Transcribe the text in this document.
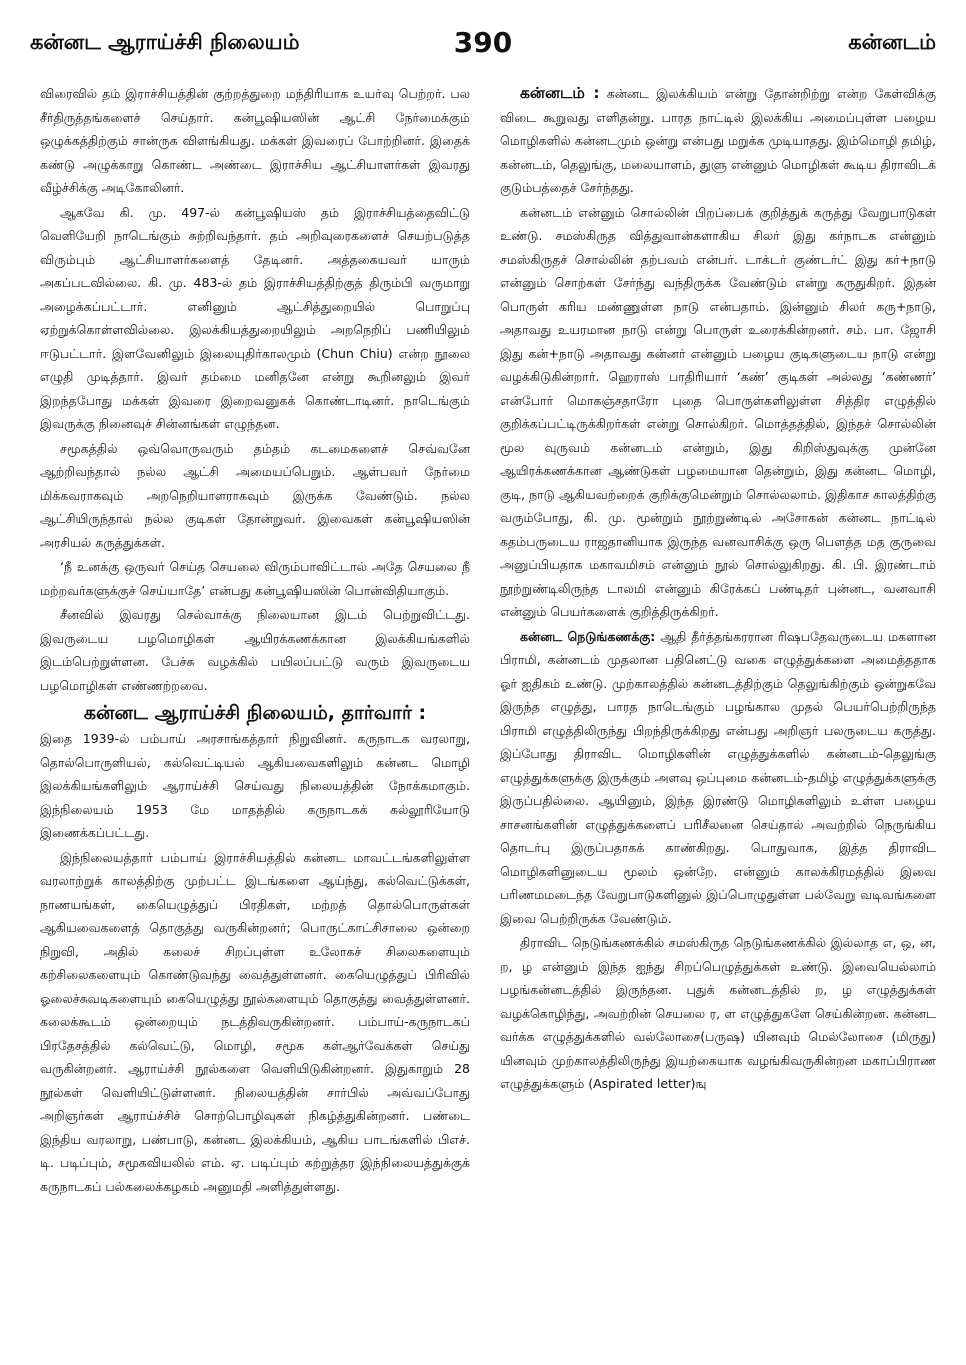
கன்னட ஆராய்ச்சி நிலையம்	390	கன்னடம்

விரைவில் தம் இராச்சியத்தின் குற்றத்துறை மந்திரியாக உயர்வு பெற்றர். பல சீர்திருத்தங்களைச் செய்தார். கன்பூஷியஸின் ஆட்சி நேர்மைக்கும் ஒழுக்கத்திற்கும் சான்ருக விளங்கியது. மக்கள் இவரைப் போற்றினர். இதைக் கண்டு அழுக்காறு கொண்ட அண்டை இராச்சிய ஆட்சியாளர்கள் இவரது வீழ்ச்சிக்கு அடிகோலினர்.

ஆகவே கி. மு. 497-ல் கன்பூஷியஸ் தம் இராச்சியத்தைவிட்டு வெளியேறி நாடெங்கும் சுற்றிவந்தார். தம் அறிவுரைகளைச் செயற்படுத்த விரும்பும் ஆட்சியாளர்களைத் தேடினர். அத்தகையவர் யாரும் அகப்படவில்லை. கி. மு. 483-ல் தம் இராச்சியத்திற்குத் திரும்பி வருமாறு அழைக்கப்பட்டார். எனினும் ஆட்சித்துறையில் பொறுப்பு ஏற்றுக்கொள்ளவில்லை. இலக்கியத்துறையிலும் அறநெறிப் பணியிலும் ஈடுபட்டார். இளவேனிலும் இலையுதிர்காலமும் (Chun Chiu) என்ற நூலை எழுதி முடித்தார். இவர் தம்மை மனிதனே என்று கூறினலும் இவர் இறந்தபோது மக்கள் இவரை இறைவனுகக் கொண்டாடினர். நாடெங்கும் இவருக்கு நினைவுச் சின்னங்கள் எழுந்தன.

சமூகத்தில் ஒவ்வொருவரும் தம்தம் கடமைகளைச் செவ்வனே ஆற்றிவந்தால் நல்ல ஆட்சி அமையப்பெறும். ஆள்பவர் நேர்மை மிக்கவராகவும் அறநெறியாளராகவும் இருக்க வேண்டும். நல்ல ஆட்சியிருந்தால் நல்ல குடிகள் தோன்றுவர். இவைகள் கன்பூஷியஸின் அரசியல் கருத்துக்கள்.

‘நீ உனக்கு ஒருவர் செய்த செயலை விரும்பாவிட்டால் அதே செயலை நீ மற்றவர்களுக்குச் செய்யாதே’ என்பது கன்பூஷியஸின் பொன்விதியாகும்.

சீனவில் இவரது செல்வாக்கு நிலையான இடம் பெற்றுவிட்டது. இவருடைய பழமொழிகள் ஆயிரக்கணக்கான இலக்கியங்களில் இடம்பெற்றுள்ளன. பேச்சு வழக்கில் பயிலப்பட்டு வரும் இவருடைய பழமொழிகள் எண்ணற்றவை.

கன்னட ஆராய்ச்சி நிலையம், தார்வார் :

இதை 1939-ல் பம்பாய் அரசாங்கத்தார் நிறுவினர். கருநாடக வரலாறு, தொல்பொருளியல், கல்வெட்டியல் ஆகியவைகளிலும் கன்னட மொழி இலக்கியங்களிலும் ஆராய்ச்சி செய்வது நிலையத்தின் நோக்கமாகும். இந்நிலையம் 1953 மே மாதத்தில் கருநாடகக் கல்லூரியோடு இணைக்கப்பட்டது.

இந்நிலையத்தார் பம்பாய் இராச்சியத்தில் கன்னட மாவட்டங்களிலுள்ள வரலாற்றுக் காலத்திற்கு முற்பட்ட இடங்களை ஆய்ந்து, கல்வெட்டுக்கள், நாணயங்கள், கையெழுத்துப் பிரதிகள், மற்றத் தொல்பொருள்கள் ஆகியவைகளைத் தொகுத்து வருகின்றனர்; பொருட்காட்சிசாலை ஒன்றை நிறுவி, அதில் கலைச் சிறப்புள்ள உலோகச் சிலைகளையும் கற்சிலைகளையும் கொண்டுவந்து வைத்துள்ளனர். கையெழுத்துப் பிரிவில் ஓலைச்சுவடிகளையும் கையெழுத்து நூல்களையும் தொகுத்து வைத்துள்ளனர். கலைக்கூடம் ஒன்றையும் நடத்திவருகின்றனர். பம்பாய்-கருநாடகப் பிரதேசத்தில் கல்வெட்டு, மொழி, சமூக கள்ஆர்வேக்கள் செய்து வருகின்றனர். ஆராய்ச்சி நூல்களை வெளியிடுகின்றனர். இதுகாறும் 28 நூல்கள் வெளியிட்டுள்ளனர். நிலையத்தின் சார்பில் அவ்வப்போது அறிஞர்கள் ஆராய்ச்சிச் சொற்பொழிவுகள் நிகழ்த்துகின்றனர். பண்டை இந்திய வரலாறு, பண்பாடு, கன்னட இலக்கியம், ஆகிய பாடங்களில் பிஎச். டி. படிப்பும், சமூகவியலில் எம். ஏ. படிப்பும் கற்றுத்தர இந்நிலையத்துக்குக் கருநாடகப் பல்கலைக்கழகம் அனுமதி அளித்துள்ளது.

கன்னடம் : கன்னட இலக்கியம் என்று தோன்றிற்று என்ற கேள்விக்கு விடை கூறுவது எளிதன்று. பாரத நாட்டில் இலக்கிய அமைப்புள்ள பழைய மொழிகளில் கன்னடமும் ஒன்று என்பது மறுக்க முடியாதது. இம்மொழி தமிழ், கன்னடம், தெலுங்கு, மலையாளம், துளு என்னும் மொழிகள் கூடிய திராவிடக் குடும்பத்தைச் சேர்ந்தது.

கன்னடம் என்னும் சொல்லின் பிறப்பைக் குறித்துக் கருத்து வேறுபாடுகள் உண்டு. சமஸ்கிருத வித்துவான்களாகிய சிலர் இது கர்நாடக என்னும் சமஸ்கிருதச் சொல்லின் தற்பவம் என்பர். டாக்டர் குண்டர்ட் இது கர்+நாடு என்னும் சொற்கள் சேர்ந்து வந்திருக்க வேண்டும் என்று கருதுகிறர். இதன் பொருள் கரிய மண்ணுள்ள நாடு என்பதாம். இன்னும் சிலர் கரு+நாடு, அதாவது உயரமான நாடு என்று பொருள் உரைக்கின்றனர். சம். பா. ஜோசி இது கன்+நாடு அதாவது கன்னர் என்னும் பழைய குடிகளுடைய நாடு என்று வழக்கிடுகின்றார். ஹெராஸ் பாதிரியார் ‘கண்’ குடிகள் அல்லது ‘கண்ணர்’ என்போர் மொகஞ்சதாரோ புதை பொருள்களிலுள்ள சித்திர எழுத்தில் குறிக்கப்பட்டிருக்கிறர்கள் என்று சொல்கிறர். மொத்தத்தில், இந்தச் சொல்லின் மூல வுருவம் கன்னடம் என்றும், இது கிறிஸ்துவுக்கு முன்னே ஆயிரக்கணக்கான ஆண்டுகள் பழமையான தென்றும், இது கன்னட மொழி, குடி, நாடு ஆகியவற்றைக் குறிக்குமென்றும் சொல்லலாம். இதிகாச காலத்திற்கு வரும்போது, கி. மு. மூன்றும் நூற்றுண்டில் அசோகன் கன்னட நாட்டில் கதம்பருடைய ராஜதானியாக இருந்த வனவாசிக்கு ஒரு பௌத்த மத குருவை அனுப்பியதாக மகாவமிசம் என்னும் நூல் சொல்லுகிறது. கி. பி. இரண்டாம் நூற்றுண்டிலிருந்த டாலமி என்னும் கிரேக்கப் பண்டிதர் புன்னட, வனவாசி என்னும் பெயர்களைக் குறித்திருக்கிறர்.

கன்னட நெடுங்கணக்கு: ஆதி தீர்த்தங்கரரான ரிஷபதேவருடைய மகளான பிராமி, கன்னடம் முதலான பதினெட்டு வகை எழுத்துக்களை அமைத்ததாக ஓர் ஐதிகம் உண்டு. முற்காலத்தில் கன்னடத்திற்கும் தெலுங்கிற்கும் ஒன்றுகவே இருந்த எழுத்து, பாரத நாடெங்கும் பழங்கால முதல் பெயர்பெற்றிருந்த பிராமி எழுத்திலிருந்து பிறந்திருக்கிறது என்பது அறிஞர் பலருடைய கருத்து. இப்போது திராவிட மொழிகளின் எழுத்துக்களில் கன்னடம்-தெலுங்கு எழுத்துக்களுக்கு இருக்கும் அளவு ஒப்புமை கன்னடம்-தமிழ் எழுத்துக்களுக்கு இருப்பதில்லை. ஆயினும், இந்த இரண்டு மொழிகளிலும் உள்ள பழைய சாசனங்களின் எழுத்துக்களைப் பரிசீலனை செய்தால் அவற்றில் நெருங்கிய தொடர்பு இருப்பதாகக் காண்கிறது. பொதுவாக, இத்த திராவிட மொழிகளினுடைய மூலம் ஒன்றே. என்னும் காலக்கிரமத்தில் இவை பரிணமமடைந்த வேறுபாடுகளினுல் இப்பொழுதுள்ள பல்வேறு வடிவங்களை இவை பெற்றிருக்க வேண்டும்.

திராவிட நெடுங்கணக்கில் சமஸ்கிருத நெடுங்கணக்கில் இல்லாத எ, ஒ, ன, ற, ழ என்னும் இந்த ஐந்து சிறப்பெழுத்துக்கள் உண்டு. இவையெல்லாம் பழங்கன்னடத்தில் இருந்தன. புதுக் கன்னடத்தில் ற, ழ எழுத்துக்கள் வழக்கொழிந்து, அவற்றின் செயலை ர, ள எழுத்துகளே செய்கின்றன. கன்னட வர்க்க எழுத்துக்களில் வல்லோசை(பருஷ) யினவும் மெல்லோசை (மிருது) யினவும் முற்காலத்திலிருந்து இயற்கையாக வழங்கிவருகின்றன மகாப்பிராண எழுத்துக்களும் (Aspirated letter)ஙு
